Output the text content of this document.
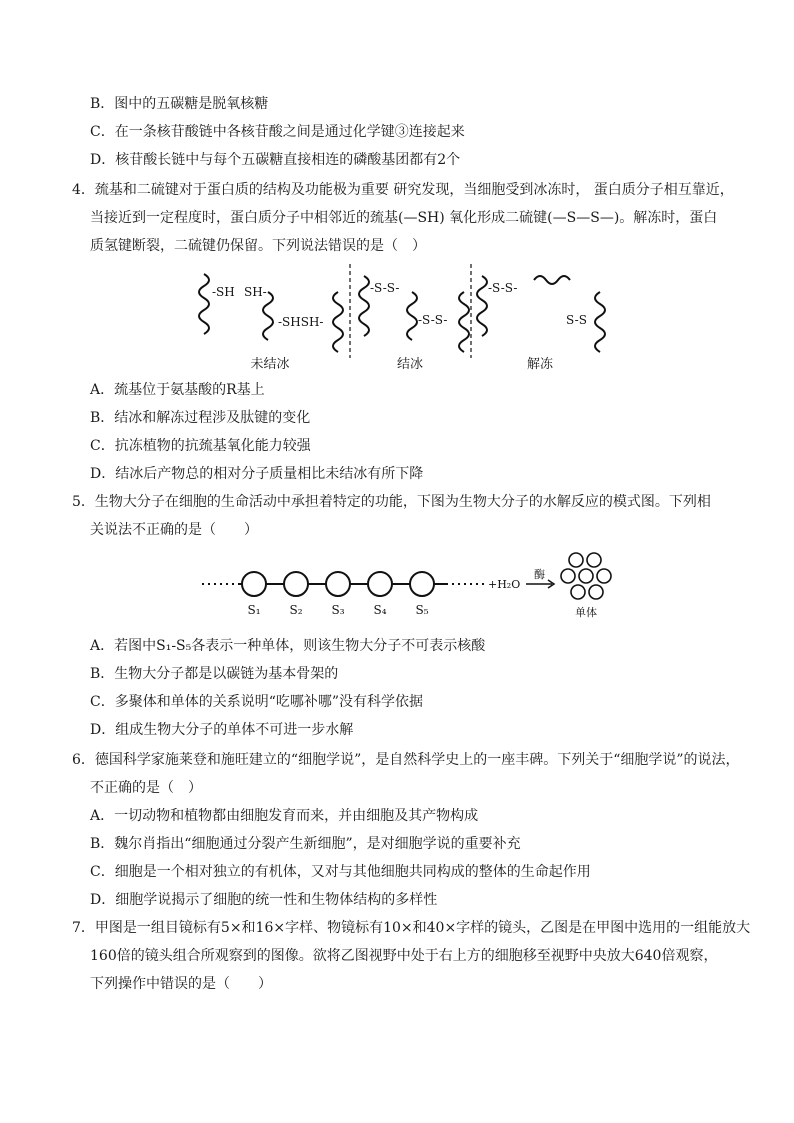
B．图中的五碳糖是脱氧核糖
C．在一条核苷酸链中各核苷酸之间是通过化学键③连接起来
D．核苷酸长链中与每个五碳糖直接相连的磷酸基团都有2个
4．巯基和二硫键对于蛋白质的结构及功能极为重要 研究发现，当细胞受到冰冻时， 蛋白质分子相互靠近，
当接近到一定程度时，蛋白质分子中相邻近的巯基(—SH) 氧化形成二硫键(—S—S—)。解冻时，蛋白
质氢键断裂，二硫键仍保留。下列说法错误的是（　）
-SH SH-
-SHSH-
-S-S-
-S-S-
-S-S-
S-S
未结冰	结冰	解冻
A．巯基位于氨基酸的R基上
B．结冰和解冻过程涉及肽键的变化
C．抗冻植物的抗巯基氧化能力较强
D．结冰后产物总的相对分子质量相比未结冰有所下降
5．生物大分子在细胞的生命活动中承担着特定的功能，下图为生物大分子的水解反应的模式图。下列相
关说法不正确的是（　　）
S₁ S₂ S₃ S₄ S₅
+H₂O
酶
单体
A．若图中S₁-S₅各表示一种单体，则该生物大分子不可表示核酸
B．生物大分子都是以碳链为基本骨架的
C．多聚体和单体的关系说明“吃哪补哪”没有科学依据
D．组成生物大分子的单体不可进一步水解
6．德国科学家施莱登和施旺建立的“细胞学说”，是自然科学史上的一座丰碑。下列关于“细胞学说”的说法，
不正确的是（　）
A．一切动物和植物都由细胞发育而来，并由细胞及其产物构成
B．魏尔肖指出“细胞通过分裂产生新细胞”，是对细胞学说的重要补充
C．细胞是一个相对独立的有机体，又对与其他细胞共同构成的整体的生命起作用
D．细胞学说揭示了细胞的统一性和生物体结构的多样性
7．甲图是一组目镜标有5×和16×字样、物镜标有10×和40×字样的镜头，乙图是在甲图中选用的一组能放大
160倍的镜头组合所观察到的图像。欲将乙图视野中处于右上方的细胞移至视野中央放大640倍观察，
下列操作中错误的是（　　）
